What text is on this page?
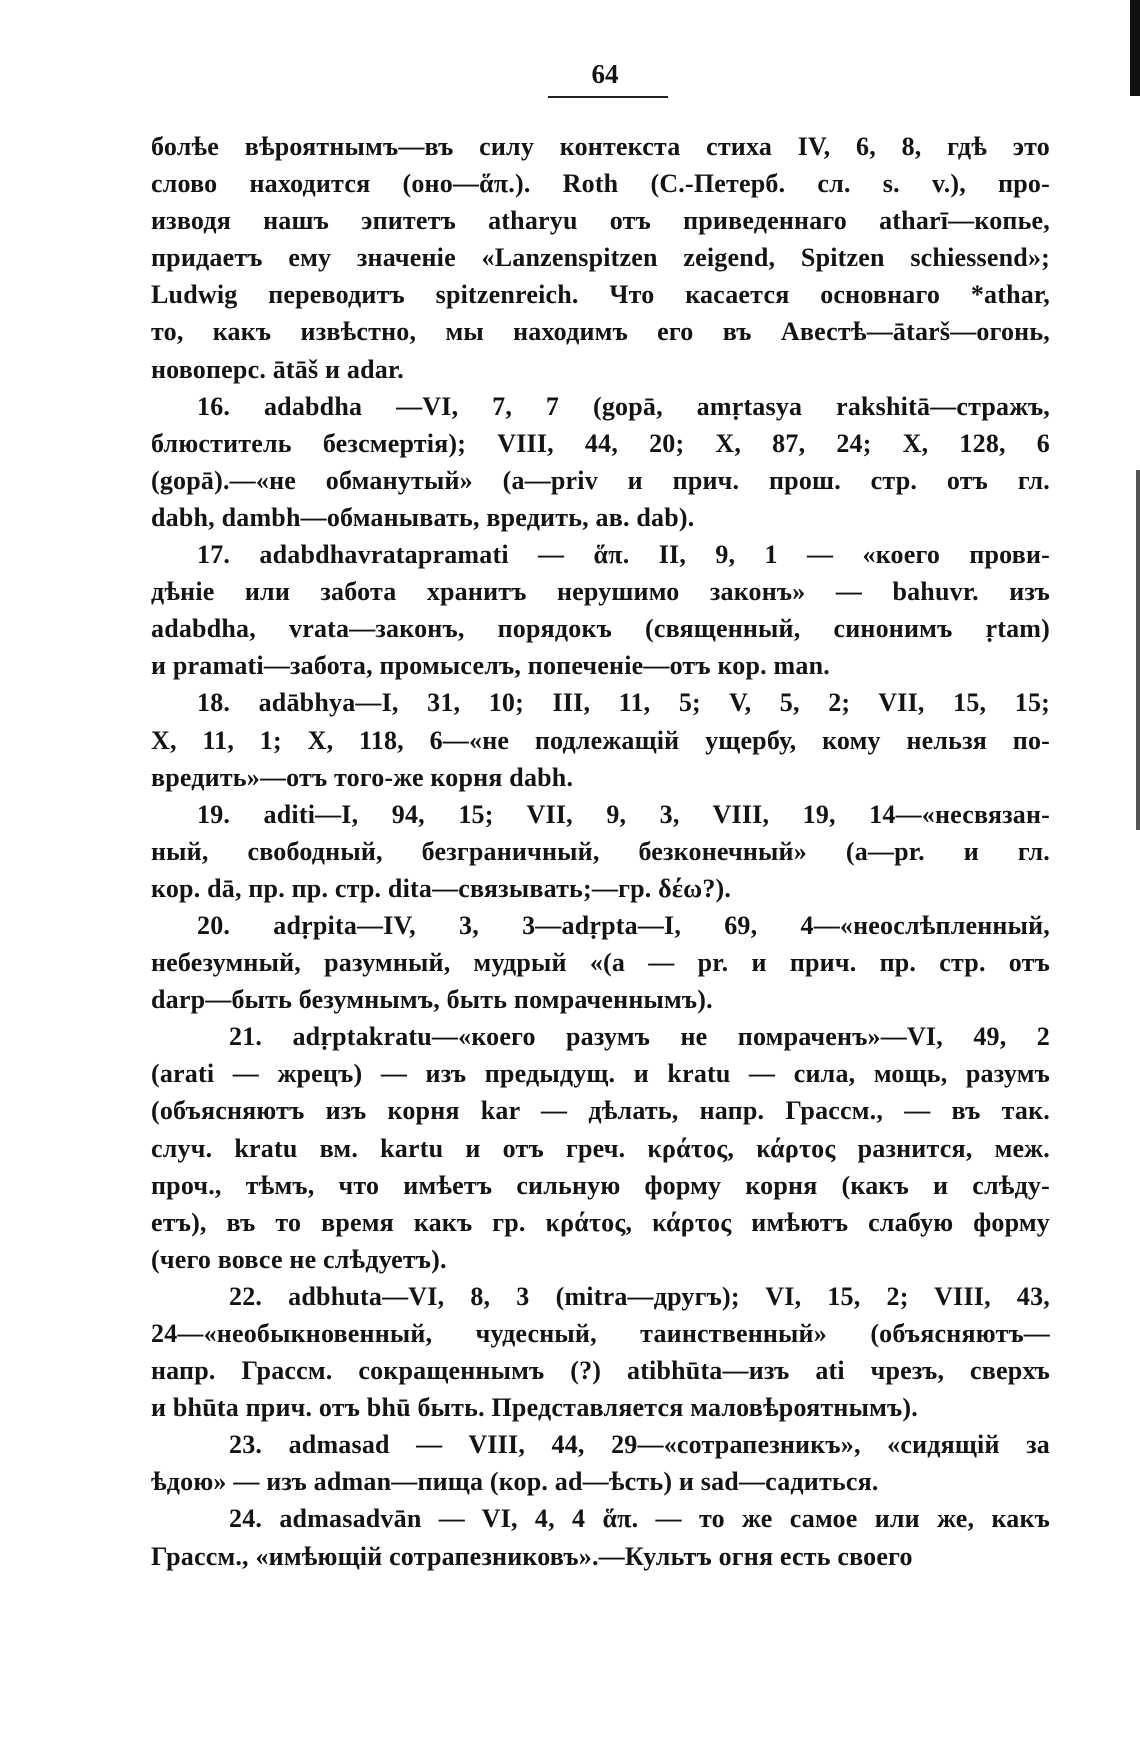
64
болѣе вѣроятнымъ—въ силу контекста стиха IV, 6, 8, гдѣ это
слово находится (оно—ἅπ.). Roth (С.-Петерб. сл. s. v.), про-
изводя нашъ эпитетъ atharyu отъ приведеннаго atharī—копье,
придаетъ ему значеніе «Lanzenspitzen zeigend, Spitzen schiessend»;
Ludwig переводитъ spitzenreich. Что касается основнаго *athar,
то, какъ извѣстно, мы находимъ его въ Авестѣ—ātarš—огонь,
новоперс. ātāš и adar.
16. adabdha —VI, 7, 7 (gopā, amṛtasya rakshitā—стражъ,
блюститель безсмертія); VIII, 44, 20; X, 87, 24; X, 128, 6
(gopā).—«не обманутый» (a—priv и прич. прош. стр. отъ гл.
dabh, dambh—обманывать, вредить, ав. dab).
17. adabdhavratapramati — ἅπ. II, 9, 1 — «коего прови-
дѣніе или забота хранитъ нерушимо законъ» — bahuvr. изъ
adabdha, vrata—законъ, порядокъ (священный, синонимъ ṛtam)
и pramati—забота, промыселъ, попеченіе—отъ кор. man.
18. adābhya—I, 31, 10; III, 11, 5; V, 5, 2; VII, 15, 15;
X, 11, 1; X, 118, 6—«не подлежащій ущербу, кому нельзя по-
вредить»—отъ того-же корня dabh.
19. aditi—I, 94, 15; VII, 9, 3, VIII, 19, 14—«несвязан-
ный, свободный, безграничный, безконечный» (a—pr. и гл.
кор. dā, пр. пр. стр. dita—связывать;—гр. δέω?).
20. adṛpita—IV, 3, 3—adṛpta—I, 69, 4—«неослѣпленный,
небезумный, разумный, мудрый «(a — pr. и прич. пр. стр. отъ
darp—быть безумнымъ, быть помраченнымъ).
21. adṛptakratu—«коего разумъ не помраченъ»—VI, 49, 2
(arati — жрецъ) — изъ предыдущ. и kratu — сила, мощь, разумъ
(объясняютъ изъ корня kar — дѣлать, напр. Грассм., — въ так.
случ. kratu вм. kartu и отъ греч. κράτος, κάρτος разнится, меж.
проч., тѣмъ, что имѣетъ сильную форму корня (какъ и слѣду-
етъ), въ то время какъ гр. κράτος, κάρτος имѣютъ слабую форму
(чего вовсе не слѣдуетъ).
22. adbhuta—VI, 8, 3 (mitra—другъ); VI, 15, 2; VIII, 43,
24—«необыкновенный, чудесный, таинственный» (объясняютъ—
напр. Грассм. сокращеннымъ (?) atibhūta—изъ ati чрезъ, сверхъ
и bhūta прич. отъ bhū быть. Представляется маловѣроятнымъ).
23. admasad — VIII, 44, 29—«сотрапезникъ», «сидящій за
ѣдою» — изъ adman—пища (кор. ad—ѣсть) и sad—садиться.
24. admasadvān — VI, 4, 4 ἅπ. — то же самое или же, какъ
Грассм., «имѣющій сотрапезниковъ».—Культъ огня есть своего
